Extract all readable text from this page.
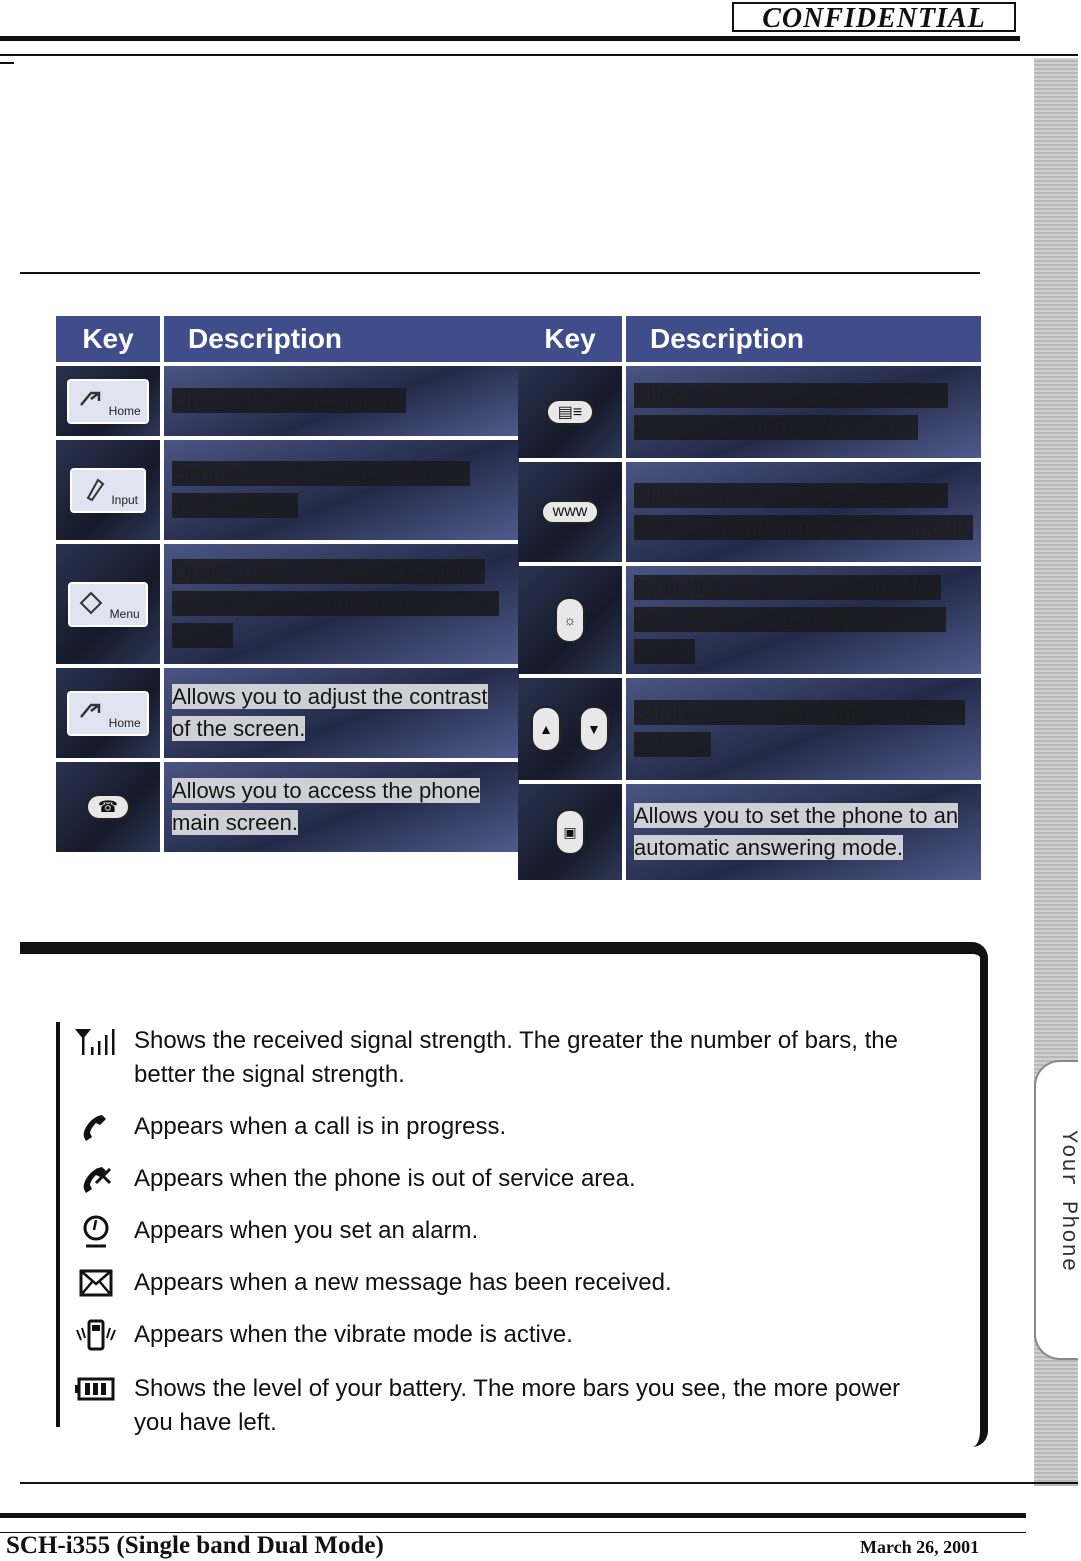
CONFIDENTIAL
Your Phone
Key	Description
Home	Opens the Home menu.
Input	Brings alphanumeric character input screen.
Menu	Opens up a set of options which depend on the menu function you are in.
Home	Allows you to adjust the contrast of the screen.
☎	Allows you to access the phone main screen.
Key	Description
▤≡	Allows you to quickly access the Address screen in idle mode.
www	Allows you to quickly access the Internet menu screen in idle mode.
☼	Switches the phone on/off. Also turns the backlight of the screen on/off.
▲ ▼	During a call, adjusts the earpiece volume.
▣	Allows you to set the phone to an automatic answering mode.
Shows the received signal strength. The greater the number of bars, the better the signal strength.
Appears when a call is in progress.
Appears when the phone is out of service area.
Appears when you set an alarm.
Appears when a new message has been received.
Appears when the vibrate mode is active.
Shows the level of your battery. The more bars you see, the more power you have left.
SCH-i355 (Single band Dual Mode)	March 26, 2001
